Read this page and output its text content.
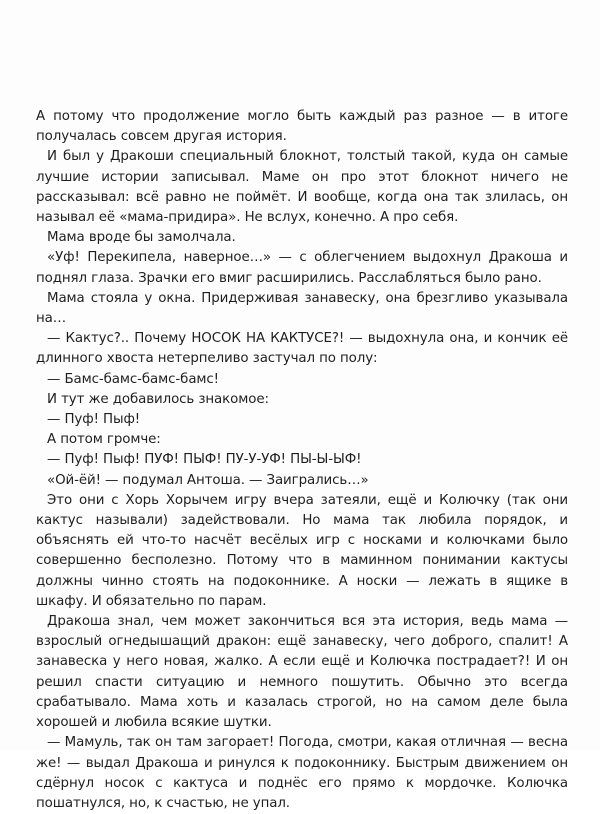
А потому что продолжение могло быть каждый раз разное — в итоге получалась совсем другая история.

И был у Дракоши специальный блокнот, толстый такой, куда он самые лучшие истории записывал. Маме он про этот блокнот ничего не рассказывал: всё равно не поймёт. И вообще, когда она так злилась, он называл её «мама-придира». Не вслух, конечно. А про себя.

Мама вроде бы замолчала.

«Уф! Перекипела, наверное…» — с облегчением выдохнул Дракоша и поднял глаза. Зрачки его вмиг расширились. Расслабляться было рано.

Мама стояла у окна. Придерживая занавеску, она брезгливо указывала на…

— Кактус?.. Почему НОСОК НА КАКТУСЕ?! — выдохнула она, и кончик её длинного хвоста нетерпеливо застучал по полу:

— Бамс-бамс-бамс-бамс!

И тут же добавилось знакомое:

— Пуф! Пыф!

А потом громче:

— Пуф! Пыф! ПУФ! ПЫФ! ПУ-У-УФ! ПЫ-Ы-ЫФ!

«Ой-ёй! — подумал Антоша. — Заигрались…»

Это они с Хорь Хорычем игру вчера затеяли, ещё и Колючку (так они кактус называли) задействовали. Но мама так любила порядок, и объяснять ей что-то насчёт весёлых игр с носками и колючками было совершенно бесполезно. Потому что в маминном понимании кактусы должны чинно стоять на подоконнике. А носки — лежать в ящике в шкафу. И обязательно по парам.

Дракоша знал, чем может закончиться вся эта история, ведь мама — взрослый огнедышащий дракон: ещё занавеску, чего доброго, спалит! А занавеска у него новая, жалко. А если ещё и Колючка пострадает?! И он решил спасти ситуацию и немного пошутить. Обычно это всегда срабатывало. Мама хоть и казалась строгой, но на самом деле была хорошей и любила всякие шутки.

— Мамуль, так он там загорает! Погода, смотри, какая отличная — весна же! — выдал Дракоша и ринулся к подоконнику. Быстрым движением он сдёрнул носок с кактуса и поднёс его прямо к мордочке. Колючка пошатнулся, но, к счастью, не упал.
